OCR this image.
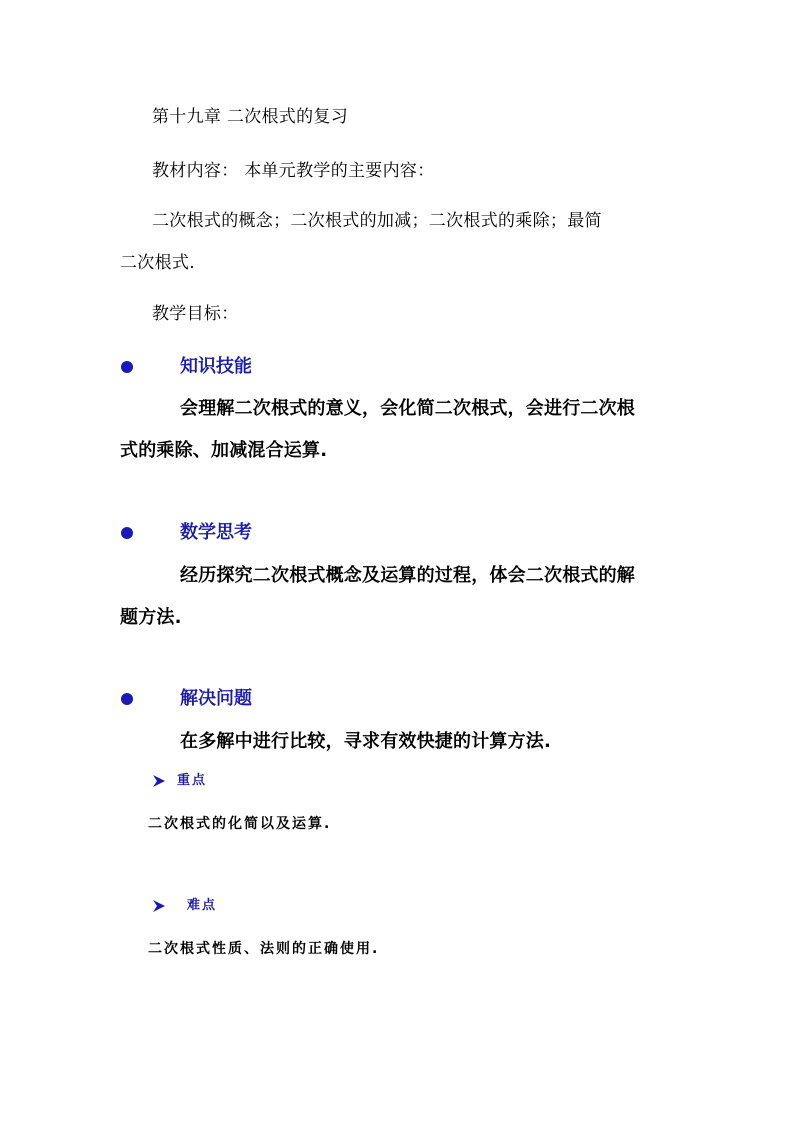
第十九章 二次根式的复习
教材内容： 本单元教学的主要内容：
二次根式的概念；二次根式的加减；二次根式的乘除；最简
二次根式.
教学目标：
知识技能
会理解二次根式的意义，会化简二次根式，会进行二次根
式的乘除、加减混合运算.
数学思考
经历探究二次根式概念及运算的过程，体会二次根式的解
题方法.
解决问题
在多解中进行比较，寻求有效快捷的计算方法.
重点
二次根式的化简以及运算.
难点
二次根式性质、法则的正确使用.
